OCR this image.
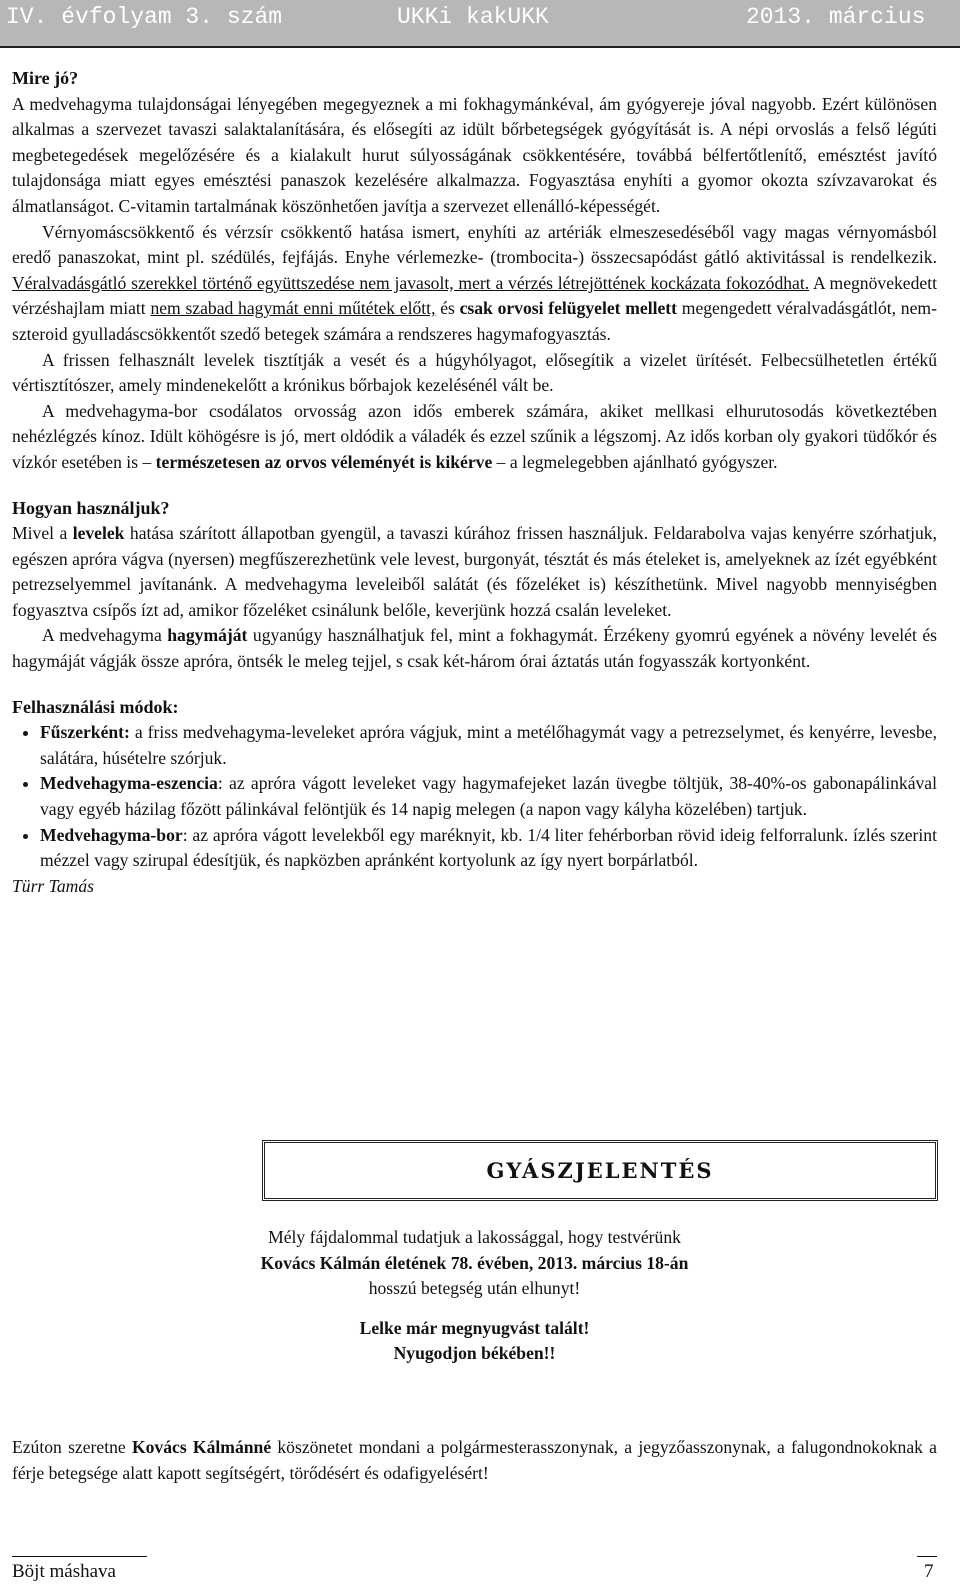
IV. évfolyam 3. szám	UKKi kakUKK	2013. március
Mire jó?

A medvehagyma tulajdonságai lényegében megegyeznek a mi fokhagymánkéval, ám gyógyereje jóval nagyobb. Ezért különösen alkalmas a szervezet tavaszi salaktalanítására, és elősegíti az idült bőrbetegségek gyógyítását is. A népi orvoslás a felső légúti megbetegedések megelőzésére és a kialakult hurut súlyosságának csökkentésére, továbbá bélfertőtlenítő, emésztést javító tulajdonsága miatt egyes emésztési panaszok kezelésére alkalmazza. Fogyasztása enyhíti a gyomor okozta szívzavarokat és álmatlanságot. C-vitamin tartalmának köszönhetően javítja a szervezet ellenálló-képességét.

Vérnyomáscsökkentő és vérzsír csökkentő hatása ismert, enyhíti az artériák elmeszesedéséből vagy magas vérnyomásból eredő panaszokat, mint pl. szédülés, fejfájás. Enyhe vérlemezke- (trombocita-) összecsapódást gátló aktivitással is rendelkezik. Véralvadásgátló szerekkel történő együttszedése nem javasolt, mert a vérzés létrejöttének kockázata fokozódhat. A megnövekedett vérzéshajlam miatt nem szabad hagymát enni műtétek előtt, és csak orvosi felügyelet mellett megengedett véralvadásgátlót, nem-szteroid gyulladáscsökkentőt szedő betegek számára a rendszeres hagymafogyasztás.

A frissen felhasznált levelek tisztítják a vesét és a húgyhólyagot, elősegítik a vizelet ürítését. Felbecsülhetetlen értékű vértisztítószer, amely mindenekelőtt a krónikus bőrbajok kezelésénél vált be.

A medvehagyma-bor csodálatos orvosság azon idős emberek számára, akiket mellkasi elhurutosodás következtében nehézlégzés kínoz. Idült köhögésre is jó, mert oldódik a váladék és ezzel szűnik a légszomj. Az idős korban oly gyakori tüdőkór és vízkór esetében is – természetesen az orvos véleményét is kikérve – a legmelegebben ajánlható gyógyszer.

Hogyan használjuk?

Mivel a levelek hatása szárított állapotban gyengül, a tavaszi kúrához frissen használjuk. Feldarabolva vajas kenyérre szórhatjuk, egészen apróra vágva (nyersen) megfűszerezhetünk vele levest, burgonyát, tésztát és más ételeket is, amelyeknek az ízét egyébként petrezselyemmel javítanánk. A medvehagyma leveleiből salátát (és főzeléket is) készíthetünk. Mivel nagyobb mennyiségben fogyasztva csípős ízt ad, amikor főzeléket csinálunk belőle, keverjünk hozzá csalán leveleket.

A medvehagyma hagymáját ugyanúgy használhatjuk fel, mint a fokhagymát. Érzékeny gyomrú egyének a növény levelét és hagymáját vágják össze apróra, öntsék le meleg tejjel, s csak két-három órai áztatás után fogyasszák kortyonként.

Felhasználási módok:
• Fűszerként: a friss medvehagyma-leveleket apróra vágjuk, mint a metélőhagymát vagy a petrezselymet, és kenyérre, levesbe, salátára, húsételre szórjuk.
• Medvehagyma-eszencia: az apróra vágott leveleket vagy hagymafejeket lazán üvegbe töltjük, 38-40%-os gabonapálinkával vagy egyéb házilag főzött pálinkával felöntjük és 14 napig melegen (a napon vagy kályha közelében) tartjuk.
• Medvehagyma-bor: az apróra vágott levelekből egy maréknyit, kb. 1/4 liter fehérborban rövid ideig felforralunk. ízlés szerint mézzel vagy szirupal édesítjük, és napközben apránként kortyolunk az így nyert borpárlatból.

Türr Tamás

GYÁSZJELENTÉS
Mély fájdalommal tudatjuk a lakossággal, hogy testvérünk
Kovács Kálmán életének 78. évében, 2013. március 18-án
hosszú betegség után elhunyt!
Lelke már megnyugvást talált!
Nyugodjon békében!!
Ezúton szeretne Kovács Kálmánné köszönetet mondani a polgármesterasszonynak, a jegyzőasszonynak, a falugondnokoknak a férje betegsége alatt kapott segítségért, törődésért és odafigyelésért!
Böjt máshava	7
